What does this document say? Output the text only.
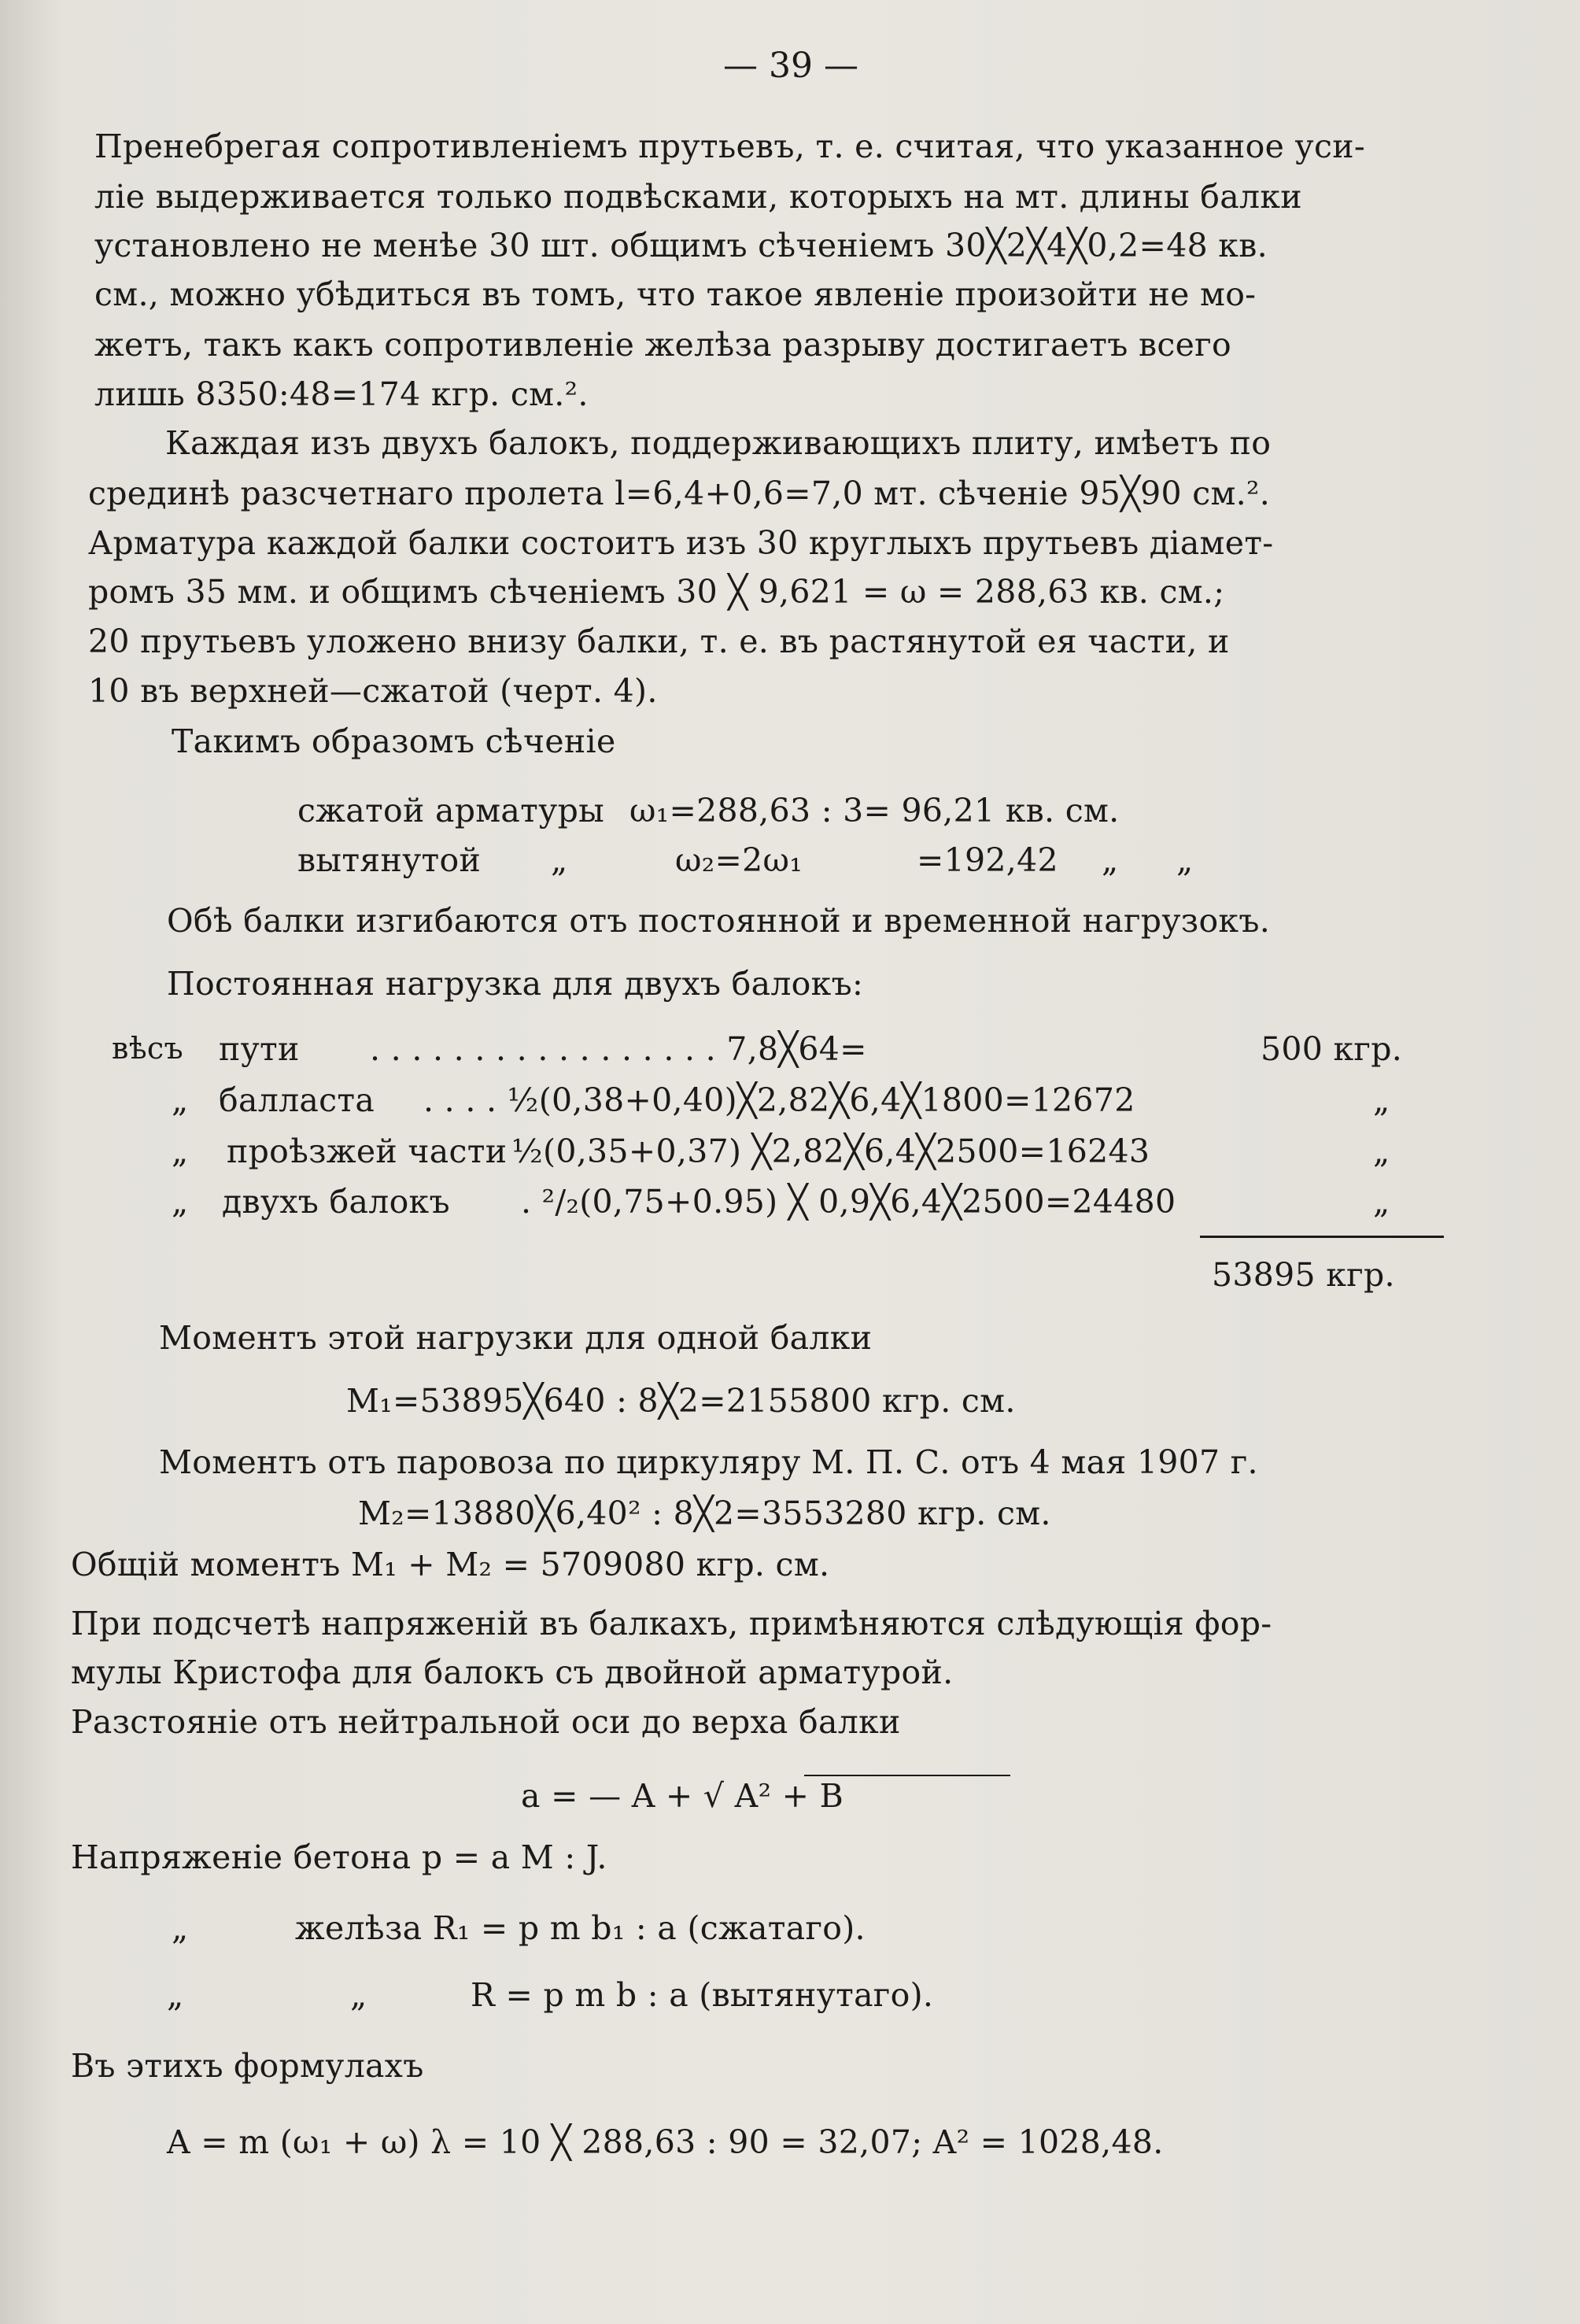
— 39 —
Пренебрегая сопротивленіемъ прутьевъ, т. е. считая, что указанное уси-
ліе выдерживается только подвѣсками, которыхъ на мт. длины балки
установлено не менѣе 30 шт. общимъ сѣченіемъ 30╳2╳4╳0,2=48 кв.
см., можно убѣдиться въ томъ, что такое явленіе произойти не мо-
жетъ, такъ какъ сопротивленіе желѣза разрыву достигаетъ всего
лишь 8350:48=174 кгр. см.².
Каждая изъ двухъ балокъ, поддерживающихъ плиту, имѣетъ по
срединѣ разсчетнаго пролета l=6,4+0,6=7,0 мт. сѣченіе 95╳90 см.².
Арматура каждой балки состоитъ изъ 30 круглыхъ прутьевъ діамет-
ромъ 35 мм. и общимъ сѣченіемъ 30 ╳ 9,621 = ω = 288,63 кв. см.;
20 прутьевъ уложено внизу балки, т. е. въ растянутой ея части, и
10 въ верхней—сжатой (черт. 4).
Такимъ образомъ сѣченіе
сжатой арматуры ω₁=288,63 : 3= 96,21 кв. см.
вытянутой „	ω₂=2ω₁	=192,42 „ „
Обѣ балки изгибаются отъ постоянной и временной нагрузокъ.
Постоянная нагрузка для двухъ балокъ:
вѣсъ пути . . . . . . . . . . . . . . . . . 7,8╳64=	500 кгр.
„ балласта . . . . ½(0,38+0,40)╳2,82╳6,4╳1800=12672	„
„ проѣзжей части ½(0,35+0,37) ╳2,82╳6,4╳2500=16243	„
„ двухъ балокъ . ²/₂(0,75+0.95) ╳ 0,9╳6,4╳2500=24480	„
53895 кгр.
Моментъ этой нагрузки для одной балки
M₁=53895╳640 : 8╳2=2155800 кгр. см.
Моментъ отъ паровоза по циркуляру М. П. С. отъ 4 мая 1907 г.
M₂=13880╳6,40² : 8╳2=3553280 кгр. см.
Общій моментъ M₁ + M₂ = 5709080 кгр. см.
При подсчетѣ напряженій въ балкахъ, примѣняются слѣдующія фор-
мулы Кристофа для балокъ съ двойной арматурой.
Разстояніе отъ нейтральной оси до верха балки
a = — A + √ A² + B
Напряженіе бетона p = a M : J.
„	желѣза R₁ = p m b₁ : a (сжатаго).
„	„	R = p m b : a (вытянутаго).
Въ этихъ формулахъ
A = m (ω₁ + ω) λ = 10 ╳ 288,63 : 90 = 32,07; A² = 1028,48.
